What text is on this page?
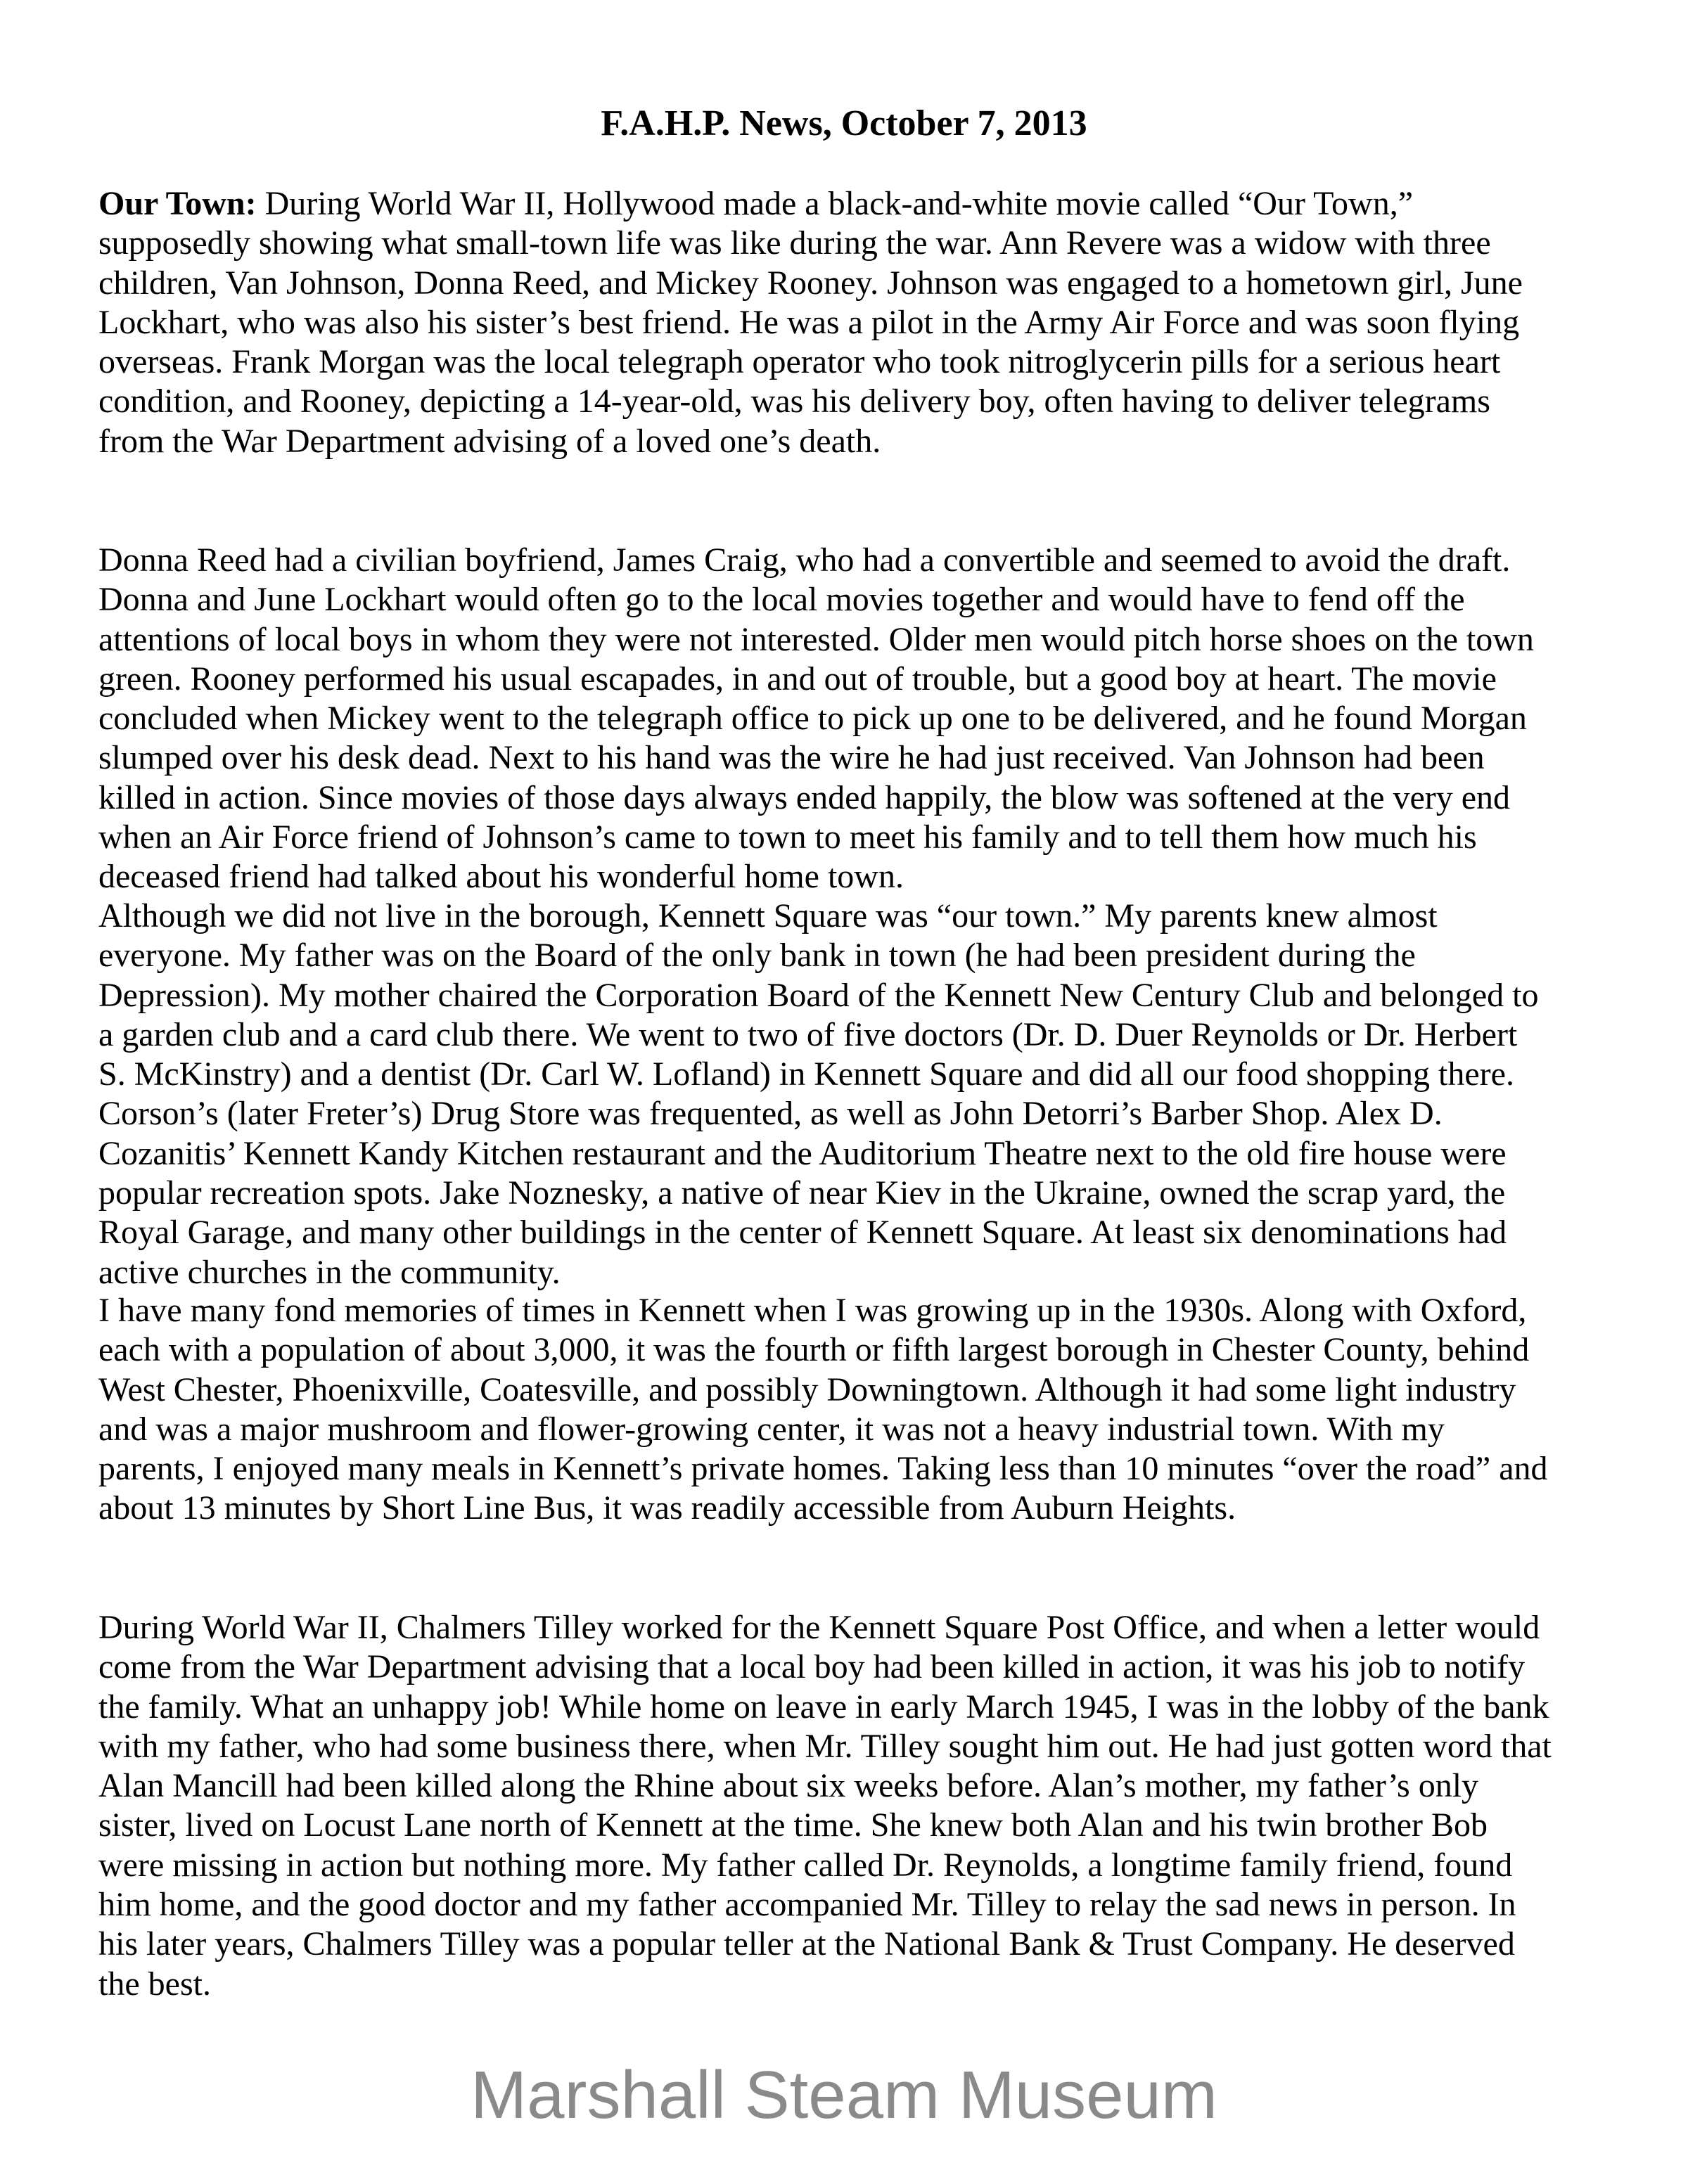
F.A.H.P. News, October 7, 2013
Our Town: During World War II, Hollywood made a black-and-white movie called “Our Town,”
supposedly showing what small-town life was like during the war. Ann Revere was a widow with three
children, Van Johnson, Donna Reed, and Mickey Rooney. Johnson was engaged to a hometown girl, June
Lockhart, who was also his sister’s best friend. He was a pilot in the Army Air Force and was soon flying
overseas. Frank Morgan was the local telegraph operator who took nitroglycerin pills for a serious heart
condition, and Rooney, depicting a 14-year-old, was his delivery boy, often having to deliver telegrams
from the War Department advising of a loved one’s death.
Donna Reed had a civilian boyfriend, James Craig, who had a convertible and seemed to avoid the draft.
Donna and June Lockhart would often go to the local movies together and would have to fend off the
attentions of local boys in whom they were not interested. Older men would pitch horse shoes on the town
green. Rooney performed his usual escapades, in and out of trouble, but a good boy at heart. The movie
concluded when Mickey went to the telegraph office to pick up one to be delivered, and he found Morgan
slumped over his desk dead. Next to his hand was the wire he had just received. Van Johnson had been
killed in action. Since movies of those days always ended happily, the blow was softened at the very end
when an Air Force friend of Johnson’s came to town to meet his family and to tell them how much his
deceased friend had talked about his wonderful home town.
Although we did not live in the borough, Kennett Square was “our town.” My parents knew almost
everyone. My father was on the Board of the only bank in town (he had been president during the
Depression). My mother chaired the Corporation Board of the Kennett New Century Club and belonged to
a garden club and a card club there. We went to two of five doctors (Dr. D. Duer Reynolds or Dr. Herbert
S. McKinstry) and a dentist (Dr. Carl W. Lofland) in Kennett Square and did all our food shopping there.
Corson’s (later Freter’s) Drug Store was frequented, as well as John Detorri’s Barber Shop. Alex D.
Cozanitis’ Kennett Kandy Kitchen restaurant and the Auditorium Theatre next to the old fire house were
popular recreation spots. Jake Noznesky, a native of near Kiev in the Ukraine, owned the scrap yard, the
Royal Garage, and many other buildings in the center of Kennett Square. At least six denominations had
active churches in the community.
I have many fond memories of times in Kennett when I was growing up in the 1930s. Along with Oxford,
each with a population of about 3,000, it was the fourth or fifth largest borough in Chester County, behind
West Chester, Phoenixville, Coatesville, and possibly Downingtown. Although it had some light industry
and was a major mushroom and flower-growing center, it was not a heavy industrial town. With my
parents, I enjoyed many meals in Kennett’s private homes. Taking less than 10 minutes “over the road” and
about 13 minutes by Short Line Bus, it was readily accessible from Auburn Heights.
During World War II, Chalmers Tilley worked for the Kennett Square Post Office, and when a letter would
come from the War Department advising that a local boy had been killed in action, it was his job to notify
the family. What an unhappy job! While home on leave in early March 1945, I was in the lobby of the bank
with my father, who had some business there, when Mr. Tilley sought him out. He had just gotten word that
Alan Mancill had been killed along the Rhine about six weeks before. Alan’s mother, my father’s only
sister, lived on Locust Lane north of Kennett at the time. She knew both Alan and his twin brother Bob
were missing in action but nothing more. My father called Dr. Reynolds, a longtime family friend, found
him home, and the good doctor and my father accompanied Mr. Tilley to relay the sad news in person. In
his later years, Chalmers Tilley was a popular teller at the National Bank & Trust Company. He deserved
the best.
Marshall Steam Museum
